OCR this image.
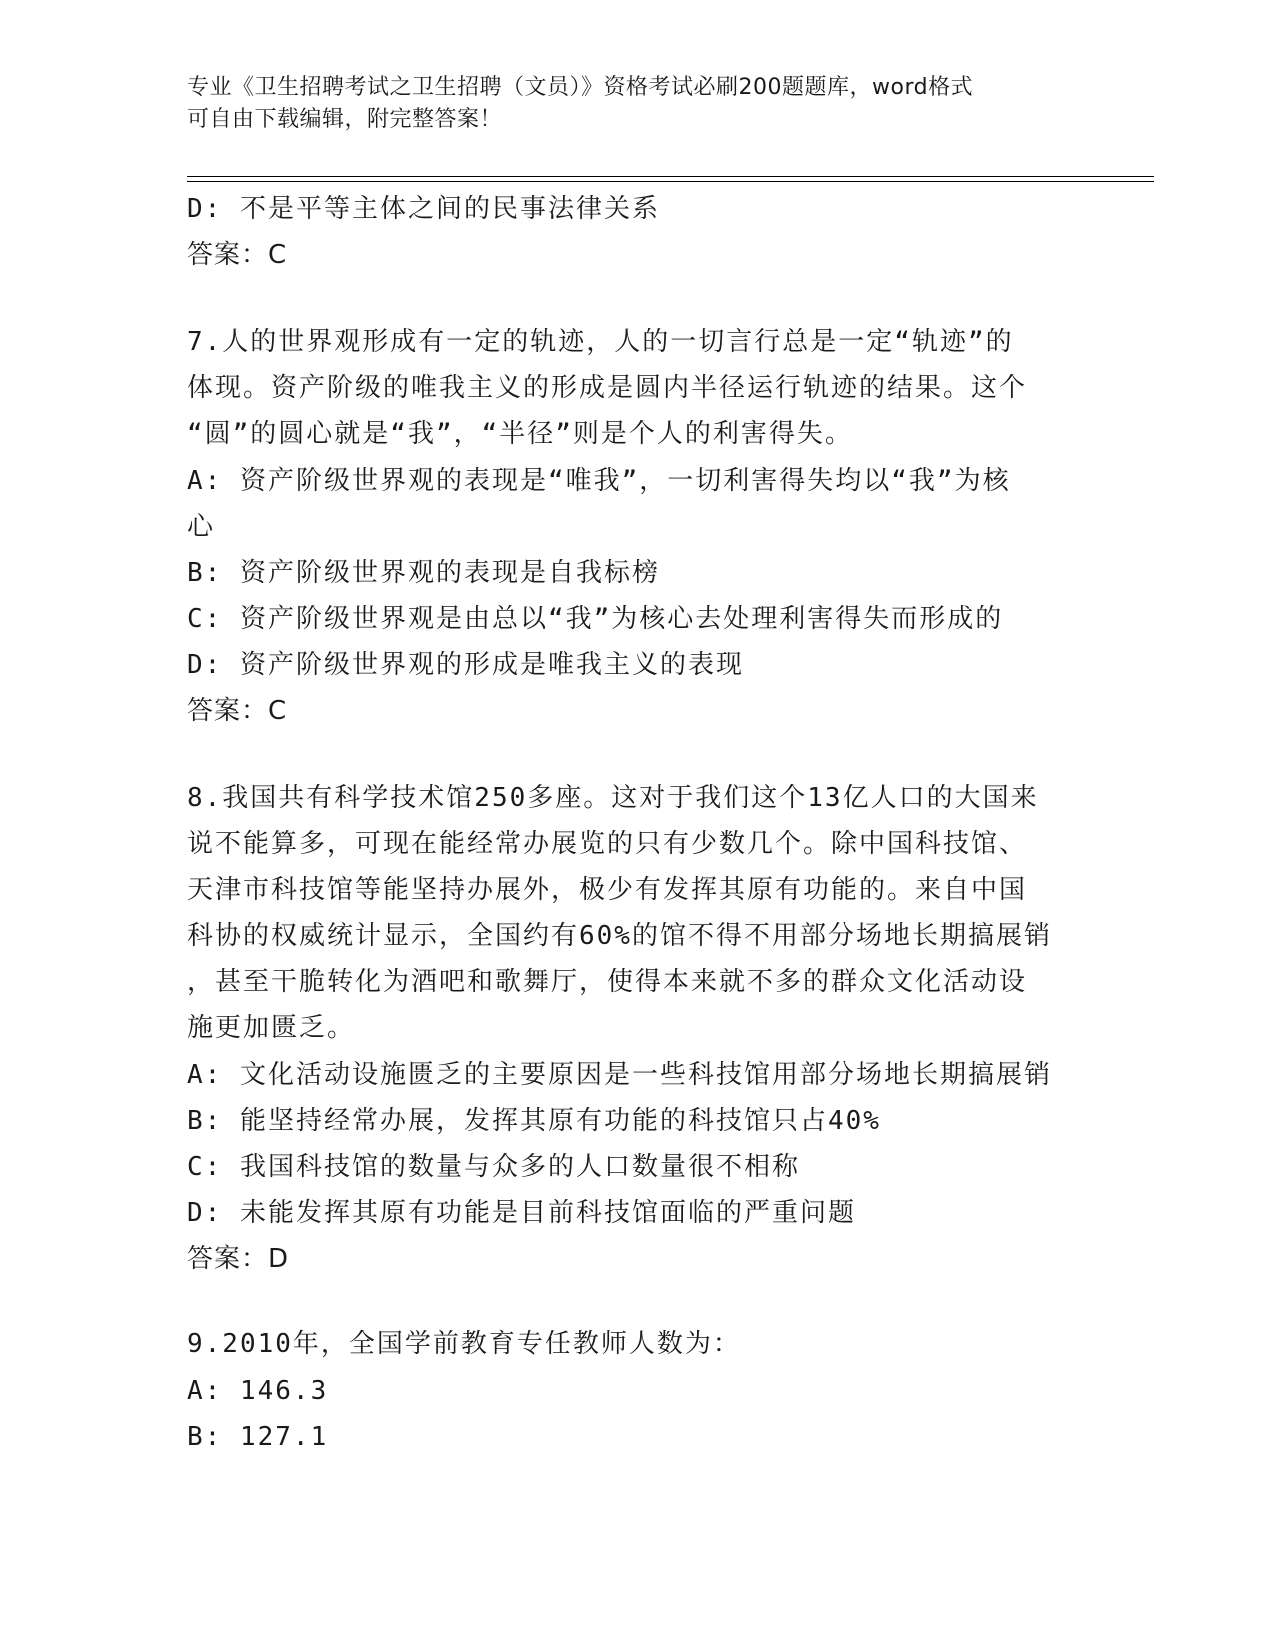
专业《卫生招聘考试之卫生招聘（文员）》资格考试必刷200题题库，word格式
可自由下载编辑，附完整答案！
D: 不是平等主体之间的民事法律关系
答案：C
7.人的世界观形成有一定的轨迹，人的一切言行总是一定“轨迹”的
体现。资产阶级的唯我主义的形成是圆内半径运行轨迹的结果。这个
“圆”的圆心就是“我”，“半径”则是个人的利害得失。
A: 资产阶级世界观的表现是“唯我”，一切利害得失均以“我”为核
心
B: 资产阶级世界观的表现是自我标榜
C: 资产阶级世界观是由总以“我”为核心去处理利害得失而形成的
D: 资产阶级世界观的形成是唯我主义的表现
答案：C
8.我国共有科学技术馆250多座。这对于我们这个13亿人口的大国来
说不能算多，可现在能经常办展览的只有少数几个。除中国科技馆、
天津市科技馆等能坚持办展外，极少有发挥其原有功能的。来自中国
科协的权威统计显示，全国约有60%的馆不得不用部分场地长期搞展销
，甚至干脆转化为酒吧和歌舞厅，使得本来就不多的群众文化活动设
施更加匮乏。
A: 文化活动设施匮乏的主要原因是一些科技馆用部分场地长期搞展销
B: 能坚持经常办展，发挥其原有功能的科技馆只占40%
C: 我国科技馆的数量与众多的人口数量很不相称
D: 未能发挥其原有功能是目前科技馆面临的严重问题
答案：D
9.2010年，全国学前教育专任教师人数为：
A: 146.3
B: 127.1
